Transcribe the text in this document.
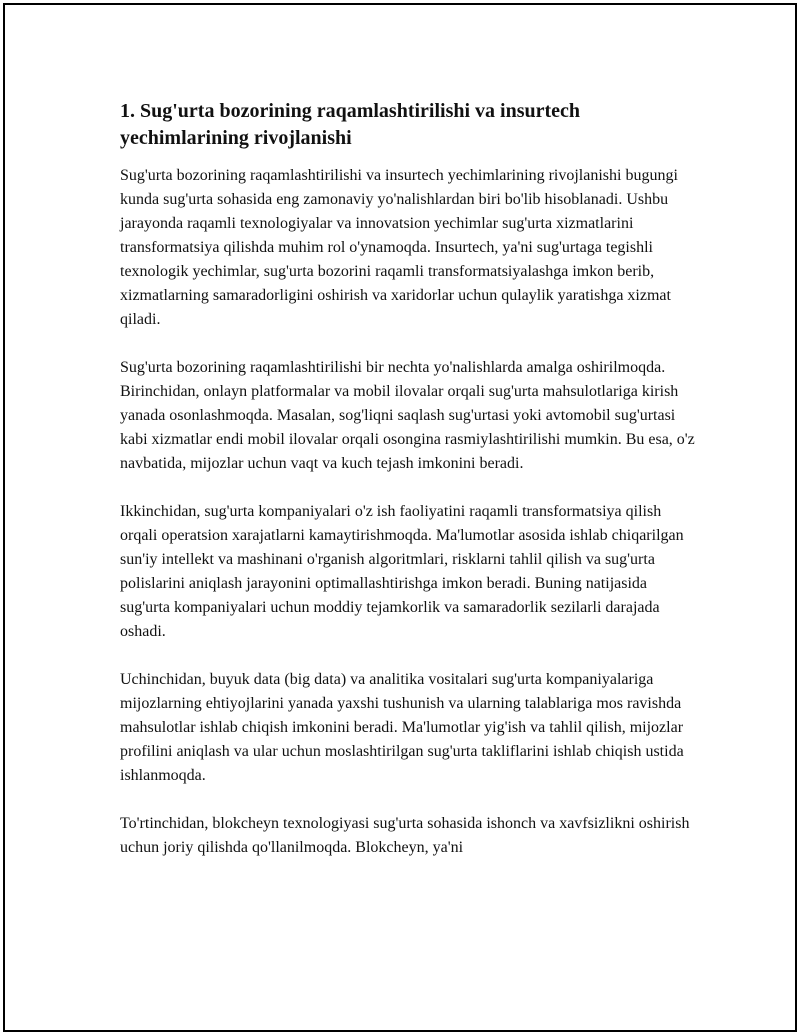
1. Sug'urta bozorining raqamlashtirilishi va insurtech yechimlarining rivojlanishi

Sug'urta bozorining raqamlashtirilishi va insurtech yechimlarining rivojlanishi bugungi kunda sug'urta sohasida eng zamonaviy yo'nalishlardan biri bo'lib hisoblanadi. Ushbu jarayonda raqamli texnologiyalar va innovatsion yechimlar sug'urta xizmatlarini transformatsiya qilishda muhim rol o'ynamoqda. Insurtech, ya'ni sug'urtaga tegishli texnologik yechimlar, sug'urta bozorini raqamli transformatsiyalashga imkon berib, xizmatlarning samaradorligini oshirish va xaridorlar uchun qulaylik yaratishga xizmat qiladi.

Sug'urta bozorining raqamlashtirilishi bir nechta yo'nalishlarda amalga oshirilmoqda. Birinchidan, onlayn platformalar va mobil ilovalar orqali sug'urta mahsulotlariga kirish yanada osonlashmoqda. Masalan, sog'liqni saqlash sug'urtasi yoki avtomobil sug'urtasi kabi xizmatlar endi mobil ilovalar orqali osongina rasmiylashtirilishi mumkin. Bu esa, o'z navbatida, mijozlar uchun vaqt va kuch tejash imkonini beradi.

Ikkinchidan, sug'urta kompaniyalari o'z ish faoliyatini raqamli transformatsiya qilish orqali operatsion xarajatlarni kamaytirishmoqda. Ma'lumotlar asosida ishlab chiqarilgan sun'iy intellekt va mashinani o'rganish algoritmlari, risklarni tahlil qilish va sug'urta polislarini aniqlash jarayonini optimallashtirishga imkon beradi. Buning natijasida sug'urta kompaniyalari uchun moddiy tejamkorlik va samaradorlik sezilarli darajada oshadi.

Uchinchidan, buyuk data (big data) va analitika vositalari sug'urta kompaniyalariga mijozlarning ehtiyojlarini yanada yaxshi tushunish va ularning talablariga mos ravishda mahsulotlar ishlab chiqish imkonini beradi. Ma'lumotlar yig'ish va tahlil qilish, mijozlar profilini aniqlash va ular uchun moslashtirilgan sug'urta takliflarini ishlab chiqish ustida ishlanmoqda.

To'rtinchidan, blokcheyn texnologiyasi sug'urta sohasida ishonch va xavfsizlikni oshirish uchun joriy qilishda qo'llanilmoqda. Blokcheyn, ya'ni
